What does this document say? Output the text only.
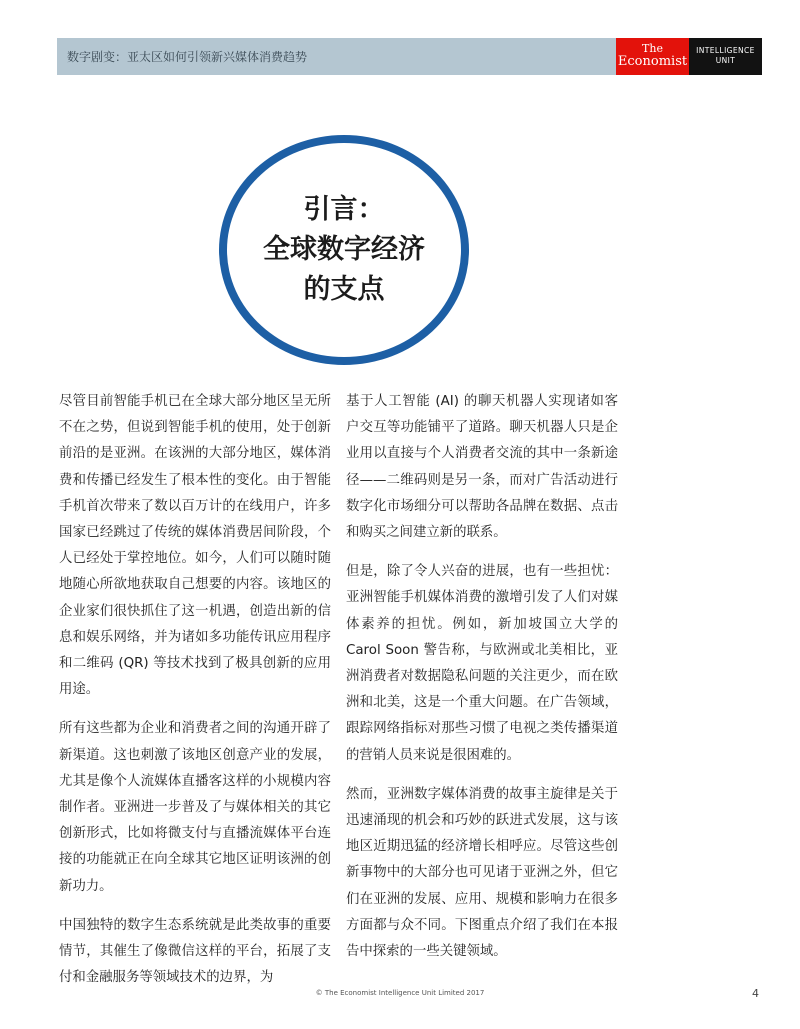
数字剧变：亚太区如何引领新兴媒体消费趋势
The
Economist
INTELLIGENCE
UNIT
引言：
全球数字经济
的支点

尽管目前智能手机已在全球大部分地区呈无所不在之势，但说到智能手机的使用，处于创新前沿的是亚洲。在该洲的大部分地区，媒体消费和传播已经发生了根本性的变化。由于智能手机首次带来了数以百万计的在线用户，许多国家已经跳过了传统的媒体消费居间阶段，个人已经处于掌控地位。如今，人们可以随时随地随心所欲地获取自己想要的内容。该地区的企业家们很快抓住了这一机遇，创造出新的信息和娱乐网络，并为诸如多功能传讯应用程序和二维码 (QR) 等技术找到了极具创新的应用用途。

所有这些都为企业和消费者之间的沟通开辟了新渠道。这也刺激了该地区创意产业的发展，尤其是像个人流媒体直播客这样的小规模内容制作者。亚洲进一步普及了与媒体相关的其它创新形式，比如将微支付与直播流媒体平台连接的功能就正在向全球其它地区证明该洲的创新功力。

中国独特的数字生态系统就是此类故事的重要情节，其催生了像微信这样的平台，拓展了支付和金融服务等领域技术的边界，为

基于人工智能 (AI) 的聊天机器人实现诸如客户交互等功能铺平了道路。聊天机器人只是企业用以直接与个人消费者交流的其中一条新途径——二维码则是另一条，而对广告活动进行数字化市场细分可以帮助各品牌在数据、点击和购买之间建立新的联系。

但是，除了令人兴奋的进展，也有一些担忧：亚洲智能手机媒体消费的激增引发了人们对媒体素养的担忧。例如，新加坡国立大学的 Carol Soon 警告称，与欧洲或北美相比，亚洲消费者对数据隐私问题的关注更少，而在欧洲和北美，这是一个重大问题。在广告领域，跟踪网络指标对那些习惯了电视之类传播渠道的营销人员来说是很困难的。

然而，亚洲数字媒体消费的故事主旋律是关于迅速涌现的机会和巧妙的跃进式发展，这与该地区近期迅猛的经济增长相呼应。尽管这些创新事物中的大部分也可见诸于亚洲之外，但它们在亚洲的发展、应用、规模和影响力在很多方面都与众不同。下图重点介绍了我们在本报告中探索的一些关键领域。

© The Economist Intelligence Unit Limited 2017	4
